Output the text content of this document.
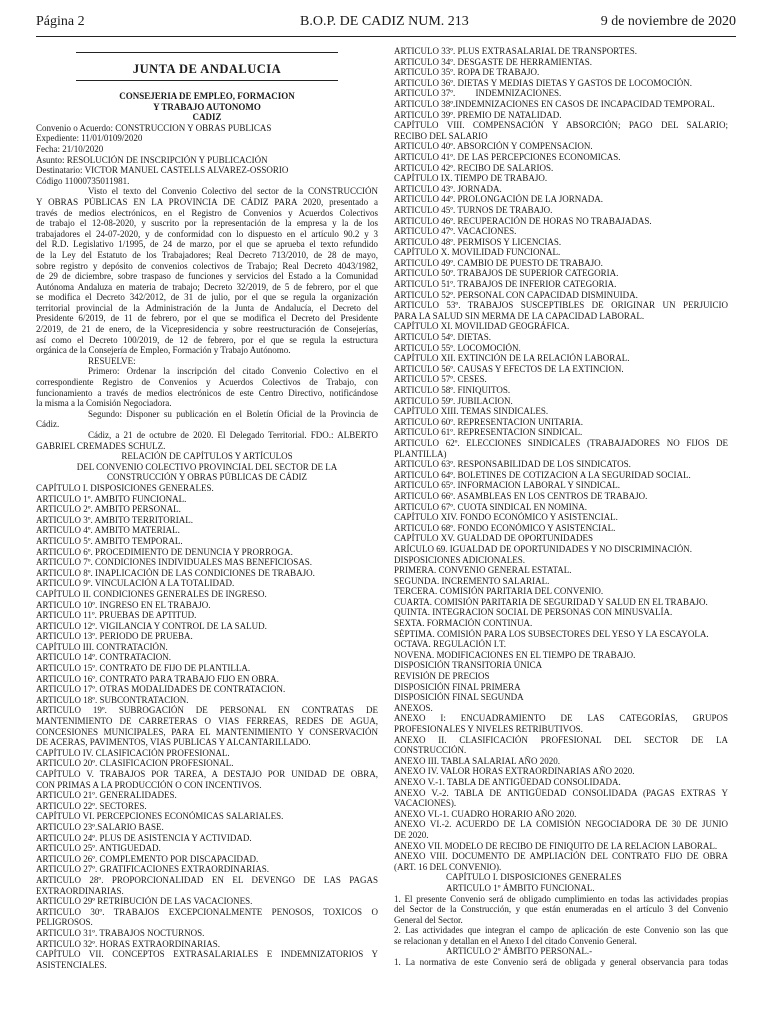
Página 2	B.O.P. DE CADIZ NUM. 213	9 de noviembre de 2020
JUNTA DE ANDALUCIA
CONSEJERIA DE EMPLEO, FORMACION
Y TRABAJO AUTONOMO
CADIZ
Convenio o Acuerdo: CONSTRUCCION Y OBRAS PUBLICAS
Expediente: 11/01/0109/2020
Fecha: 21/10/2020
Asunto: RESOLUCIÓN DE INSCRIPCIÓN Y PUBLICACIÓN
Destinatario: VICTOR MANUEL CASTELLS ALVAREZ-OSSORIO
Código 11000735011981.
Visto el texto del Convenio Colectivo del sector de la CONSTRUCCIÓN
Y OBRAS PÚBLICAS EN LA PROVINCIA DE CÁDIZ PARA 2020, presentado a
través de medios electrónicos, en el Registro de Convenios y Acuerdos Colectivos
de trabajo el 12-08-2020, y suscrito por la representación de la empresa y la de los
trabajadores el 24-07-2020, y de conformidad con lo dispuesto en el artículo 90.2 y 3
del R.D. Legislativo 1/1995, de 24 de marzo, por el que se aprueba el texto refundido
de la Ley del Estatuto de los Trabajadores; Real Decreto 713/2010, de 28 de mayo,
sobre registro y depósito de convenios colectivos de Trabajo; Real Decreto 4043/1982,
de 29 de diciembre, sobre traspaso de funciones y servicios del Estado a la Comunidad
Autónoma Andaluza en materia de trabajo; Decreto 32/2019, de 5 de febrero, por el que
se modifica el Decreto 342/2012, de 31 de julio, por el que se regula la organización
territorial provincial de la Administración de la Junta de Andalucía, el Decreto del
Presidente 6/2019, de 11 de febrero, por el que se modifica el Decreto del Presidente
2/2019, de 21 de enero, de la Vicepresidencia y sobre reestructuración de Consejerías,
así como el Decreto 100/2019, de 12 de febrero, por el que se regula la estructura
orgánica de la Consejería de Empleo, Formación y Trabajo Autónomo.
RESUELVE:
Primero: Ordenar la inscripción del citado Convenio Colectivo en el
correspondiente Registro de Convenios y Acuerdos Colectivos de Trabajo, con
funcionamiento a través de medios electrónicos de este Centro Directivo, notificándose
la misma a la Comisión Negociadora.
Segundo: Disponer su publicación en el Boletín Oficial de la Provincia de
Cádiz.
Cádiz, a 21 de octubre de 2020. El Delegado Territorial. FDO.: ALBERTO
GABRIEL CREMADES SCHULZ.
RELACIÓN DE CAPÍTULOS Y ARTÍCULOS
DEL CONVENIO COLECTIVO PROVINCIAL DEL SECTOR DE LA
CONSTRUCCIÓN Y OBRAS PÚBLICAS DE CÁDIZ
CAPÍTULO I. DISPOSICIONES GENERALES.
ARTICULO 1º. AMBITO FUNCIONAL.
ARTICULO 2º. AMBITO PERSONAL.
ARTICULO 3º. AMBITO TERRITORIAL.
ARTICULO 4º. AMBITO MATERIAL.
ARTICULO 5º. AMBITO TEMPORAL.
ARTICULO 6º. PROCEDIMIENTO DE DENUNCIA Y PRORROGA.
ARTICULO 7º. CONDICIONES INDIVIDUALES MAS BENEFICIOSAS.
ARTICULO 8º. INAPLICACIÓN DE LAS CONDICIONES DE TRABAJO.
ARTICULO 9º. VINCULACIÓN A LA TOTALIDAD.
CAPÍTULO II. CONDICIONES GENERALES DE INGRESO.
ARTICULO 10º. INGRESO EN EL TRABAJO.
ARTICULO 11º. PRUEBAS DE APTITUD.
ARTICULO 12º. VIGILANCIA Y CONTROL DE LA SALUD.
ARTICULO 13º. PERIODO DE PRUEBA.
CAPÍTULO III. CONTRATACIÓN.
ARTICULO 14º. CONTRATACION.
ARTICULO 15º. CONTRATO DE FIJO DE PLANTILLA.
ARTICULO 16º. CONTRATO PARA TRABAJO FIJO EN OBRA.
ARTICULO 17º. OTRAS MODALIDADES DE CONTRATACION.
ARTICULO 18º. SUBCONTRATACION.
ARTICULO 19º. SUBROGACIÓN DE PERSONAL EN CONTRATAS DE
MANTENIMIENTO DE CARRETERAS O VIAS FERREAS, REDES DE AGUA,
CONCESIONES MUNICIPALES, PARA EL MANTENIMIENTO Y CONSERVACIÓN
DE ACERAS, PAVIMENTOS, VIAS PUBLICAS Y ALCANTARILLADO.
CAPÍTULO IV. CLASIFICACIÓN PROFESIONAL.
ARTICULO 20º. CLASIFICACION PROFESIONAL.
CAPÍTULO V. TRABAJOS POR TAREA, A DESTAJO POR UNIDAD DE OBRA,
CON PRIMAS A LA PRODUCCIÓN O CON INCENTIVOS.
ARTICULO 21º. GENERALIDADES.
ARTICULO 22º. SECTORES.
CAPÍTULO VI. PERCEPCIONES ECONÓMICAS SALARIALES.
ARTICULO 23º.SALARIO BASE.
ARTICULO 24º. PLUS DE ASISTENCIA Y ACTIVIDAD.
ARTICULO 25º. ANTIGUEDAD.
ARTICULO 26º. COMPLEMENTO POR DISCAPACIDAD.
ARTICULO 27º. GRATIFICACIONES EXTRAORDINARIAS.
ARTICULO 28º. PROPORCIONALIDAD EN EL DEVENGO DE LAS PAGAS
EXTRAORDINARIAS.
ARTICULO 29º RETRIBUCIÓN DE LAS VACACIONES.
ARTICULO 30º. TRABAJOS EXCEPCIONALMENTE PENOSOS, TOXICOS O
PELIGROSOS.
ARTICULO 31º. TRABAJOS NOCTURNOS.
ARTICULO 32º. HORAS EXTRAORDINARIAS.
CAPÍTULO VII. CONCEPTOS EXTRASALARIALES E INDEMNIZATORIOS Y
ASISTENCIALES.
ARTICULO 33º. PLUS EXTRASALARIAL DE TRANSPORTES.
ARTICULO 34º. DESGASTE DE HERRAMIENTAS.
ARTICULO 35º. ROPA DE TRABAJO.
ARTICULO 36º. DIETAS Y MEDIAS DIETAS Y GASTOS DE LOCOMOCIÓN.
ARTICULO 37º.         INDEMNIZACIONES.
ARTICULO 38º.INDEMNIZACIONES EN CASOS DE INCAPACIDAD TEMPORAL.
ARTICULO 39º. PREMIO DE NATALIDAD.
CAPÍTULO VIII. COMPENSACIÓN Y ABSORCIÓN; PAGO DEL SALARIO;
RECIBO DEL SALARIO
ARTICULO 40º. ABSORCIÓN Y COMPENSACION.
ARTICULO 41º. DE LAS PERCEPCIONES ECONOMICAS.
ARTICULO 42º. RECIBO DE SALARIOS.
CAPÍTULO IX. TIEMPO DE TRABAJO.
ARTICULO 43º. JORNADA.
ARTICULO 44º. PROLONGACIÓN DE LA JORNADA.
ARTICULO 45º. TURNOS DE TRABAJO.
ARTICULO 46º. RECUPERACIÓN DE HORAS NO TRABAJADAS.
ARTICULO 47º. VACACIONES.
ARTICULO 48º. PERMISOS Y LICENCIAS.
CAPÍTULO X. MOVILIDAD FUNCIONAL.
ARTICULO 49º. CAMBIO DE PUESTO DE TRABAJO.
ARTICULO 50º. TRABAJOS DE SUPERIOR CATEGORIA.
ARTICULO 51º. TRABAJOS DE INFERIOR CATEGORIA.
ARTICULO 52º. PERSONAL CON CAPACIDAD DISMINUIDA.
ARTICULO 53º. TRABAJOS SUSCEPTIBLES DE ORIGINAR UN PERJUICIO
PARA LA SALUD SIN MERMA DE LA CAPACIDAD LABORAL.
CAPÍTULO XI. MOVILIDAD GEOGRÁFICA.
ARTICULO 54º. DIETAS.
ARTICULO 55º. LOCOMOCIÓN.
CAPÍTULO XII. EXTINCIÓN DE LA RELACIÓN LABORAL.
ARTICULO 56º. CAUSAS Y EFECTOS DE LA EXTINCION.
ARTICULO 57º. CESES.
ARTICULO 58º. FINIQUITOS.
ARTICULO 59º. JUBILACION.
CAPÍTULO XIII. TEMAS SINDICALES.
ARTICULO 60º. REPRESENTACION UNITARIA.
ARTICULO 61º. REPRESENTACION SINDICAL.
ARTICULO 62º. ELECCIONES SINDICALES (TRABAJADORES NO FIJOS DE
PLANTILLA)
ARTICULO 63º. RESPONSABILIDAD DE LOS SINDICATOS.
ARTICULO 64º. BOLETINES DE COTIZACION A LA SEGURIDAD SOCIAL.
ARTICULO 65º. INFORMACION LABORAL Y SINDICAL.
ARTICULO 66º. ASAMBLEAS EN LOS CENTROS DE TRABAJO.
ARTICULO 67º. CUOTA SINDICAL EN NOMINA.
CAPÍTULO XIV. FONDO ECONÓMICO Y ASISTENCIAL.
ARTICULO 68º. FONDO ECONÓMICO Y ASISTENCIAL.
CAPÍTULO XV. GUALDAD DE OPORTUNIDADES
ARÍCULO 69. IGUALDAD DE OPORTUNIDADES Y NO DISCRIMINACIÓN.
DISPOSICIONES ADICIONALES.
PRIMERA. CONVENIO GENERAL ESTATAL.
SEGUNDA. INCREMENTO SALARIAL.
TERCERA. COMISIÓN PARITARIA DEL CONVENIO.
CUARTA. COMISIÓN PARITARIA DE SEGURIDAD Y SALUD EN EL TRABAJO.
QUINTA. INTEGRACION SOCIAL DE PERSONAS CON MINUSVALÍA.
SEXTA. FORMACIÓN CONTINUA.
SÉPTIMA. COMISIÓN PARA LOS SUBSECTORES DEL YESO Y LA ESCAYOLA.
OCTAVA. REGULACIÓN I.T.
NOVENA. MODIFICACIONES EN EL TIEMPO DE TRABAJO.
DISPOSICIÓN TRANSITORIA ÚNICA
REVISIÓN DE PRECIOS
DISPOSICIÓN FINAL PRIMERA
DISPOSICIÓN FINAL SEGUNDA
ANEXOS.
ANEXO I: ENCUADRAMIENTO DE LAS CATEGORÍAS, GRUPOS
PROFESIONALES Y NIVELES RETRIBUTIVOS.
ANEXO II. CLASIFICACIÓN PROFESIONAL DEL SECTOR DE LA
CONSTRUCCIÓN.
ANEXO III. TABLA SALARIAL AÑO 2020.
ANEXO IV. VALOR HORAS EXTRAORDINARIAS AÑO 2020.
ANEXO V.-1. TABLA DE ANTIGÜEDAD CONSOLIDADA.
ANEXO V.-2. TABLA DE ANTIGÜEDAD CONSOLIDADA (PAGAS EXTRAS Y
VACACIONES).
ANEXO VI.-1. CUADRO HORARIO AÑO 2020.
ANEXO VI.-2. ACUERDO DE LA COMISIÓN NEGOCIADORA DE 30 DE JUNIO
DE 2020.
ANEXO VII. MODELO DE RECIBO DE FINIQUITO DE LA RELACION LABORAL.
ANEXO VIII. DOCUMENTO DE AMPLIACIÓN DEL CONTRATO FIJO DE OBRA
(ART. 16 DEL CONVENIO).
CAPÍTULO I. DISPOSICIONES GENERALES
ARTICULO 1º ÁMBITO FUNCIONAL.
1. El presente Convenio será de obligado cumplimiento en todas las actividades propias
del Sector de la Construcción, y que están enumeradas en el artículo 3 del Convenio
General del Sector.
2. Las actividades que integran el campo de aplicación de este Convenio son las que
se relacionan y detallan en el Anexo I del citado Convenio General.
ARTICULO 2º ÁMBITO PERSONAL.-
1. La normativa de este Convenio será de obligada y general observancia para todas
